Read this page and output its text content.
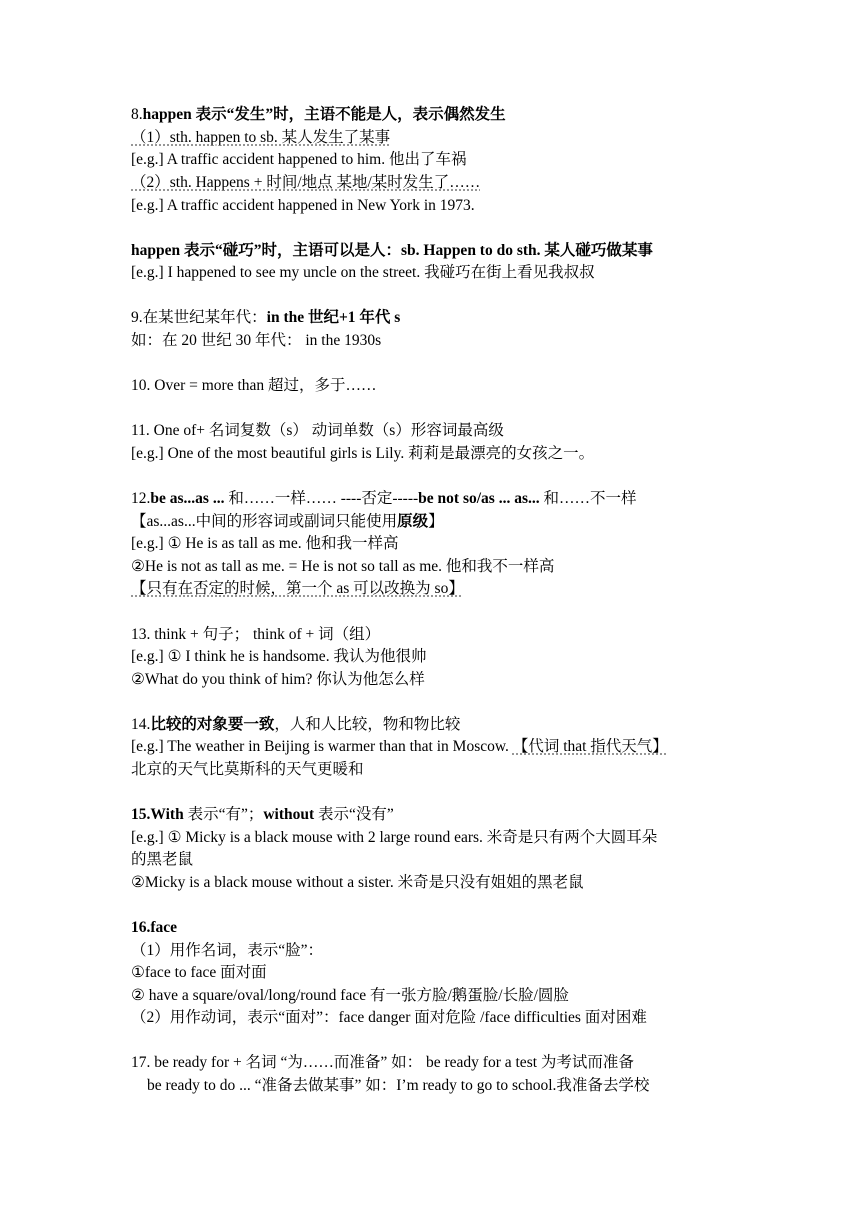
8.happen 表示“发生”时，主语不能是人，表示偶然发生
（1）sth. happen to sb. 某人发生了某事
[e.g.] A traffic accident happened to him. 他出了车祸
（2）sth. Happens + 时间/地点 某地/某时发生了……
[e.g.] A traffic accident happened in New York in 1973.
happen 表示“碰巧”时，主语可以是人：sb. Happen to do sth. 某人碰巧做某事
[e.g.] I happened to see my uncle on the street. 我碰巧在街上看见我叔叔
9.在某世纪某年代：in the 世纪+1 年代 s
如：在 20 世纪 30 年代： in the 1930s
10. Over = more than 超过，多于……
11. One of+ 名词复数（s） 动词单数（s）形容词最高级
[e.g.] One of the most beautiful girls is Lily. 莉莉是最漂亮的女孩之一。
12.be as...as ... 和……一样…… ----否定-----be not so/as ... as... 和……不一样
【as...as...中间的形容词或副词只能使用原级】
[e.g.] ① He is as tall as me. 他和我一样高
②He is not as tall as me. = He is not so tall as me. 他和我不一样高
【只有在否定的时候，第一个 as 可以改换为 so】
13. think + 句子； think of + 词（组）
[e.g.] ① I think he is handsome. 我认为他很帅
②What do you think of him? 你认为他怎么样
14.比较的对象要一致，人和人比较，物和物比较
[e.g.] The weather in Beijing is warmer than that in Moscow. 【代词 that 指代天气】
北京的天气比莫斯科的天气更暖和
15.With 表示“有”；without 表示“没有”
[e.g.] ① Micky is a black mouse with 2 large round ears. 米奇是只有两个大圆耳朵
的黑老鼠
②Micky is a black mouse without a sister. 米奇是只没有姐姐的黑老鼠
16.face
（1）用作名词，表示“脸”：
①face to face 面对面
② have a square/oval/long/round face 有一张方脸/鹅蛋脸/长脸/圆脸
（2）用作动词，表示“面对”：face danger 面对危险 /face difficulties 面对困难
17. be ready for + 名词 “为……而准备” 如： be ready for a test 为考试而准备
be ready to do ... “准备去做某事” 如：I’m ready to go to school.我准备去学校
